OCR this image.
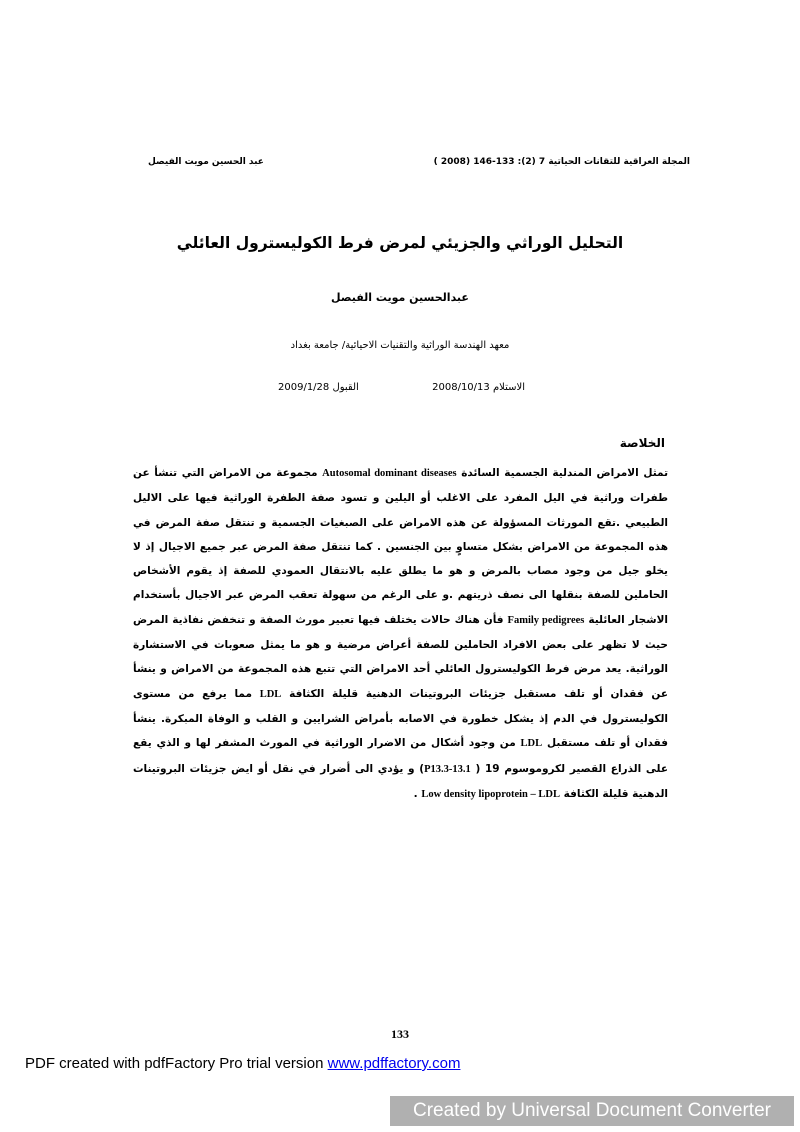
عبد الحسين مويت الفيصل	المجلة العراقية للتقانات الحياتية 7 (2): 133-146 (2008 )
التحليل الوراثي والجزيئي لمرض فرط الكوليسترول العائلي
عبدالحسين مويت الفيصل
معهد الهندسة الوراثية والتقنيات الاحيائية/ جامعة بغداد
الاستلام 2008/10/13
القبول 2009/1/28
الخلاصة
تمثل الامراض المندلية الجسمية السائدة Autosomal dominant diseases مجموعة من الامراض التي تنشأ عن طفرات وراثية في اليل المفرد على الاغلب أو اليلين و تسود صفة الطفرة الوراثية فيها على الاليل الطبيعي .تقع المورثات المسؤولة عن هذه الامراض على الصبغيات الجسمية و تنتقل صفة المرض في هذه المجموعة من الامراض بشكل متساوٍ بين الجنسين . كما تنتقل صفة المرض عبر جميع الاجيال إذ لا يخلو جيل من وجود مصاب بالمرض و هو ما يطلق عليه بالانتقال العمودي للصفة إذ يقوم الأشخاص الحاملين للصفة بنقلها الى نصف ذريتهم .و على الرغم من سهولة تعقب المرض عبر الاجيال بأستخدام الاشجار العائلية Family pedigrees فأن هناك حالات يختلف فيها تعبير مورث الصفة و تنخفض نفاذية المرض حيث لا تظهر على بعض الافراد الحاملين للصفة أعراض مرضية و هو ما يمثل صعوبات في الاستشارة الوراثية. يعد مرض فرط الكوليسترول العائلي أحد الامراض التي تتبع هذه المجموعة من الامراض و ينشأ عن فقدان أو تلف مستقبل جزيئات البروتينات الدهنية قليلة الكثافة LDL مما يرفع من مستوى الكوليسترول في الدم إذ يشكل خطورة في الاصابه بأمراض الشرايين و القلب و الوفاة المبكرة. ينشأ فقدان أو تلف مستقبل LDL من وجود أشكال من الاضرار الوراثية في المورث المشفر لها و الذي يقع على الذراع القصير لكروموسوم 19 ( P13.3-13.1) و يؤدي الى أضرار في نقل أو ايض جزيئات البروتينات الدهنية قليلة الكثافة Low density lipoprotein – LDL .
133
PDF created with pdfFactory Pro trial version www.pdffactory.com
Created by Universal Document Converter
